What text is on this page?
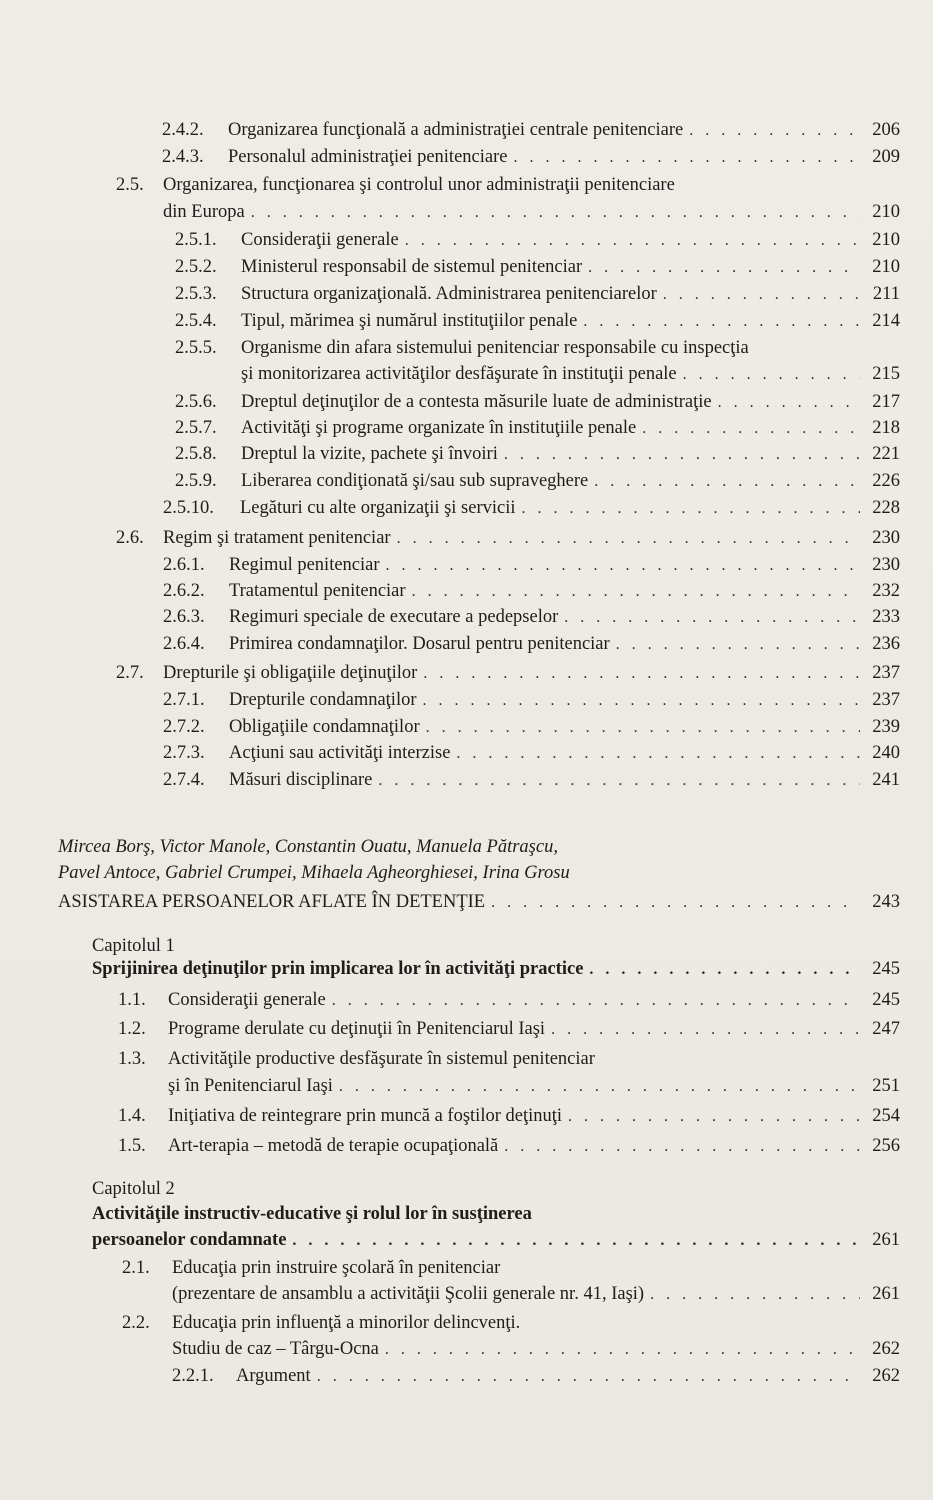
2.4.2.	Organizarea funcţională a administraţiei centrale penitenciare . . .	206
2.4.3.	Personalul administraţiei penitenciare . . .	209
2.5. Organizarea, funcţionarea şi controlul unor administraţii penitenciare
din Europa . . .	210
2.5.1.	Consideraţii generale . . .	210
2.5.2.	Ministerul responsabil de sistemul penitenciar . . .	210
2.5.3.	Structura organizaţională. Administrarea penitenciarelor . . .	211
2.5.4.	Tipul, mărimea şi numărul instituţiilor penale . . .	214
2.5.5. Organisme din afara sistemului penitenciar responsabile cu inspecţia
şi monitorizarea activităţilor desfăşurate în instituţii penale . . .	215
2.5.6.	Dreptul deţinuţilor de a contesta măsurile luate de administraţie . . .	217
2.5.7.	Activităţi şi programe organizate în instituţiile penale . . .	218
2.5.8.	Dreptul la vizite, pachete şi învoiri . . .	221
2.5.9.	Liberarea condiţionată şi/sau sub supraveghere . . .	226
2.5.10.	Legături cu alte organizaţii şi servicii . . .	228
2.6.	Regim şi tratament penitenciar . . .	230
2.6.1.	Regimul penitenciar . . .	230
2.6.2.	Tratamentul penitenciar . . .	232
2.6.3.	Regimuri speciale de executare a pedepselor . . .	233
2.6.4.	Primirea condamnaţilor. Dosarul pentru penitenciar . . .	236
2.7.	Drepturile şi obligaţiile deţinuţilor . . .	237
2.7.1.	Drepturile condamnaţilor . . .	237
2.7.2.	Obligaţiile condamnaţilor . . .	239
2.7.3.	Acţiuni sau activităţi interzise . . .	240
2.7.4.	Măsuri disciplinare . . .	241
Mircea Borş, Victor Manole, Constantin Ouatu, Manuela Pătraşcu,
Pavel Antoce, Gabriel Crumpei, Mihaela Agheorghiesei, Irina Grosu
ASISTAREA PERSOANELOR AFLATE ÎN DETENŢIE . . .	243
Capitolul 1
Sprijinirea deţinuţilor prin implicarea lor în activităţi practice . . .	245
1.1.	Consideraţii generale . . .	245
1.2.	Programe derulate cu deţinuţii în Penitenciarul Iaşi . . .	247
1.3. Activităţile productive desfăşurate în sistemul penitenciar
şi în Penitenciarul Iaşi . . .	251
1.4.	Iniţiativa de reintegrare prin muncă a foştilor deţinuţi . . .	254
1.5.	Art-terapia – metodă de terapie ocupaţională . . .	256
Capitolul 2
Activităţile instructiv-educative şi rolul lor în susţinerea
persoanelor condamnate . . .	261
2.1. Educaţia prin instruire şcolară în penitenciar
(prezentare de ansamblu a activităţii Şcolii generale nr. 41, Iaşi) . . .	261
2.2. Educaţia prin influenţă a minorilor delincvenţi.
Studiu de caz – Târgu-Ocna . . .	262
2.2.1.	Argument . . .	262
